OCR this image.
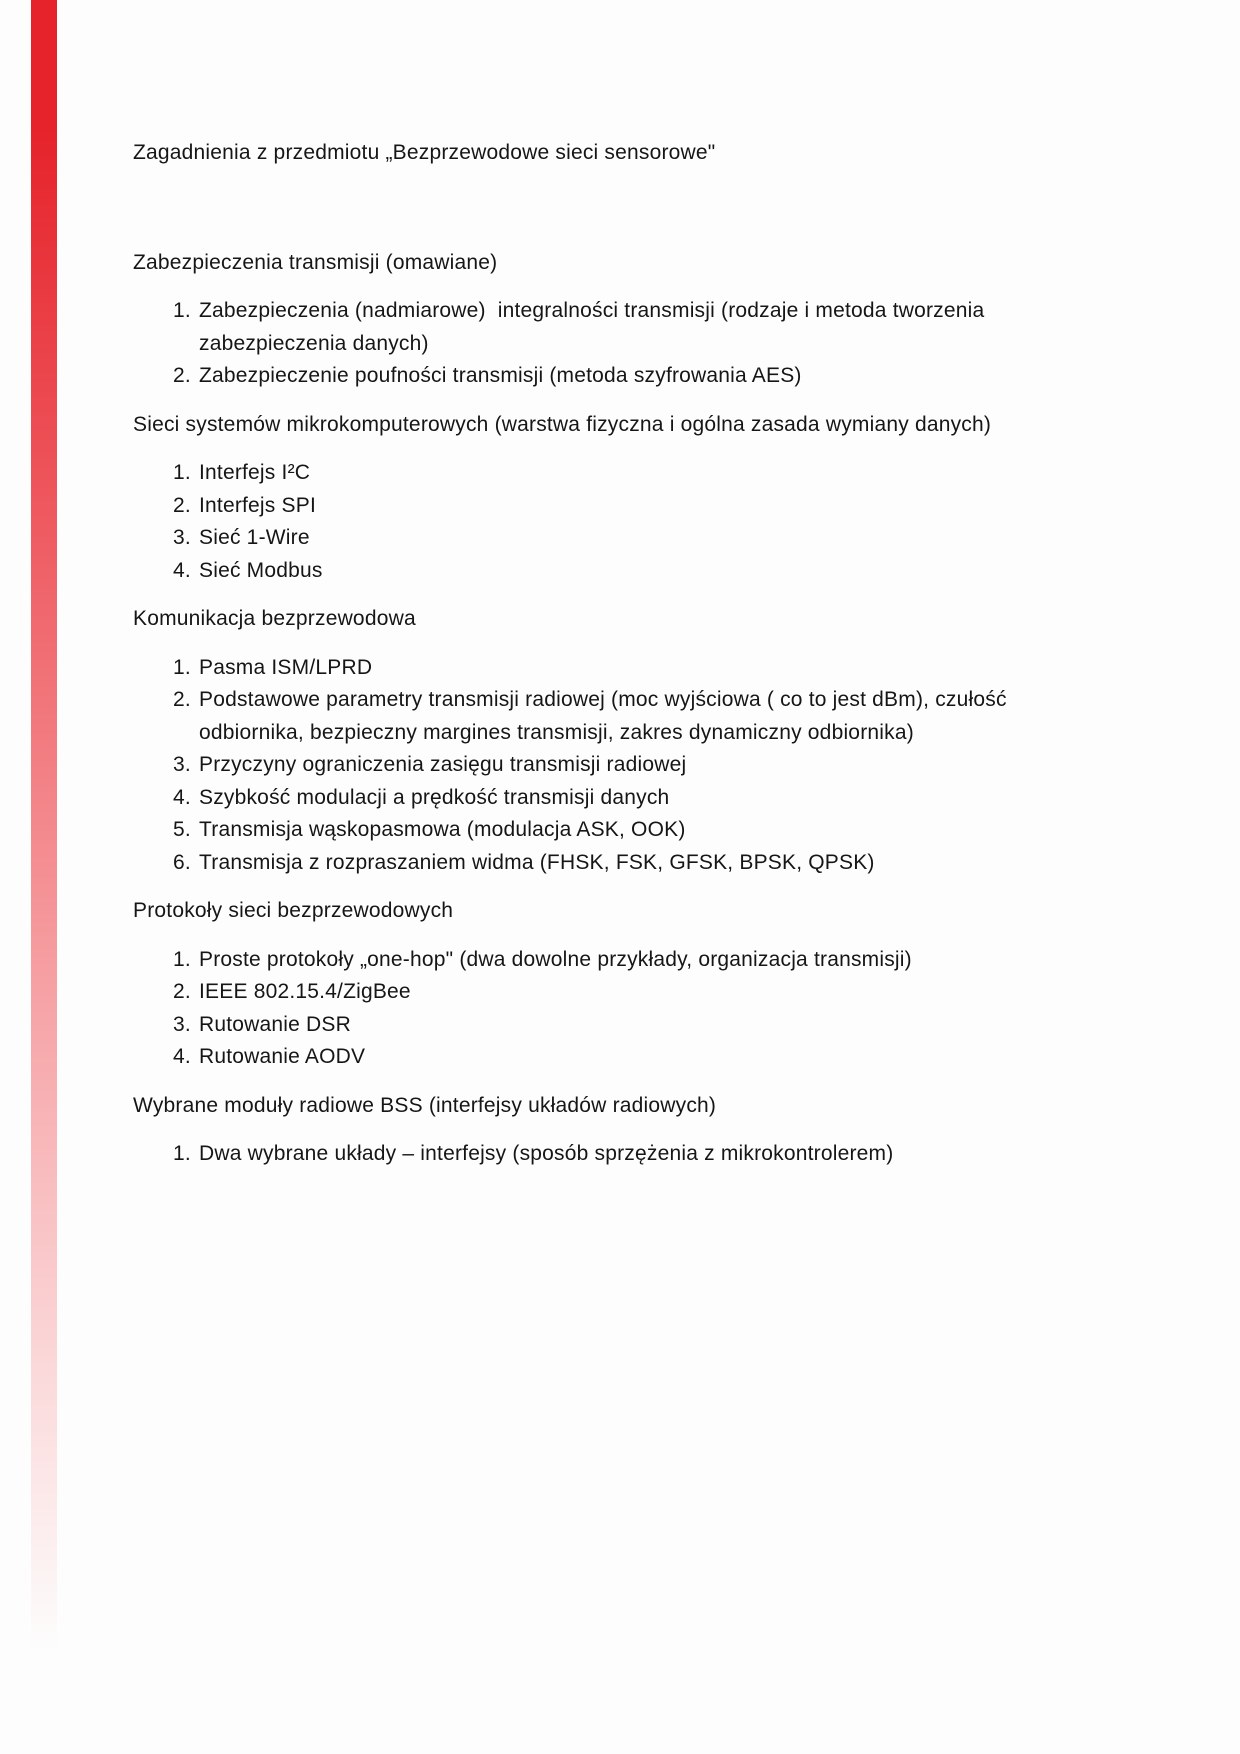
Zagadnienia z przedmiotu „Bezprzewodowe sieci sensorowe"

Zabezpieczenia transmisji (omawiane)

1. Zabezpieczenia (nadmiarowe)  integralności transmisji (rodzaje i metoda tworzenia zabezpieczenia danych)
2. Zabezpieczenie poufności transmisji (metoda szyfrowania AES)

Sieci systemów mikrokomputerowych (warstwa fizyczna i ogólna zasada wymiany danych)

1. Interfejs I²C
2. Interfejs SPI
3. Sieć 1-Wire
4. Sieć Modbus

Komunikacja bezprzewodowa

1. Pasma ISM/LPRD
2. Podstawowe parametry transmisji radiowej (moc wyjściowa ( co to jest dBm), czułość odbiornika, bezpieczny margines transmisji, zakres dynamiczny odbiornika)
3. Przyczyny ograniczenia zasięgu transmisji radiowej
4. Szybkość modulacji a prędkość transmisji danych
5. Transmisja wąskopasmowa (modulacja ASK, OOK)
6. Transmisja z rozpraszaniem widma (FHSK, FSK, GFSK, BPSK, QPSK)

Protokoły sieci bezprzewodowych

1. Proste protokoły „one-hop" (dwa dowolne przykłady, organizacja transmisji)
2. IEEE 802.15.4/ZigBee
3. Rutowanie DSR
4. Rutowanie AODV

Wybrane moduły radiowe BSS (interfejsy układów radiowych)

1. Dwa wybrane układy – interfejsy (sposób sprzężenia z mikrokontrolerem)
